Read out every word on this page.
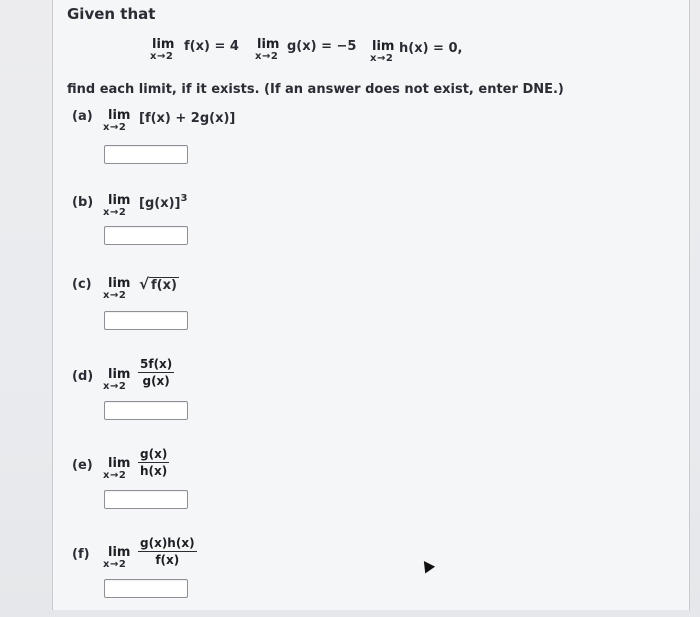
Given that
lim
x→2
f(x) = 4 lim
x→2
g(x) = −5 lim
x→2
h(x) = 0,
find each limit, if it exists. (If an answer does not exist, enter DNE.)
(a) lim
x→2
[f(x) + 2g(x)]
(b) lim
x→2
$[g(x)]^3$
(c) lim
x→2
√ f(x)
(d) lim
$x\to 2 \frac{5f(x)}{g(x)}$
(e) lim
$x\to 2 \frac{g(x)}{h(x)}$
(f) lim
$x\to 2 \frac{g(x)h(x)}{f(x)}$
